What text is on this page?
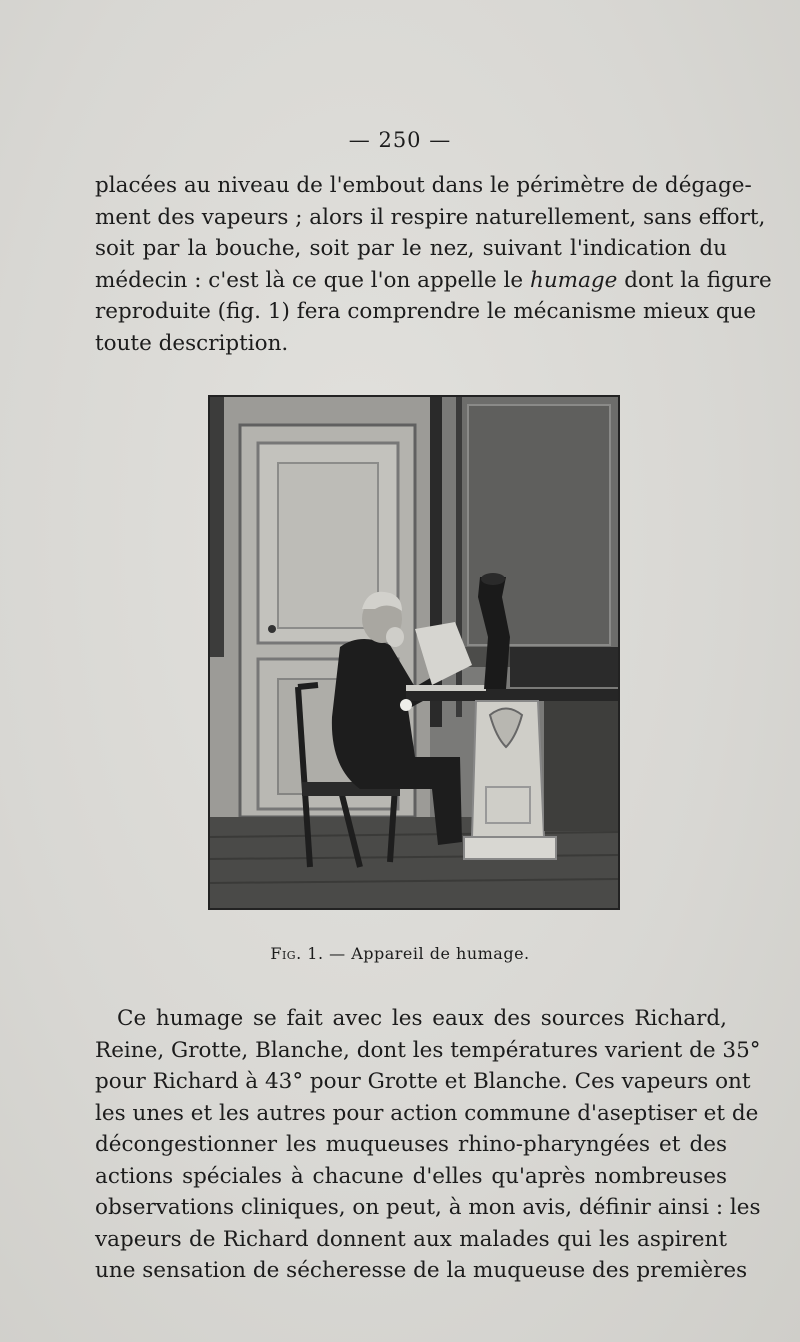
— 250 —
placées au niveau de l'embout dans le périmètre de dégage-
ment des vapeurs ; alors il respire naturellement, sans effort,
soit par la bouche, soit par le nez, suivant l'indication du
médecin : c'est là ce que l'on appelle le humage dont la figure
reproduite (fig. 1) fera comprendre le mécanisme mieux que
toute description.
Fig. 1. — Appareil de humage.
Ce humage se fait avec les eaux des sources Richard,
Reine, Grotte, Blanche, dont les températures varient de 35°
pour Richard à 43° pour Grotte et Blanche. Ces vapeurs ont
les unes et les autres pour action commune d'aseptiser et de
décongestionner les muqueuses rhino-pharyngées et des
actions spéciales à chacune d'elles qu'après nombreuses
observations cliniques, on peut, à mon avis, définir ainsi : les
vapeurs de Richard donnent aux malades qui les aspirent
une sensation de sécheresse de la muqueuse des premières
